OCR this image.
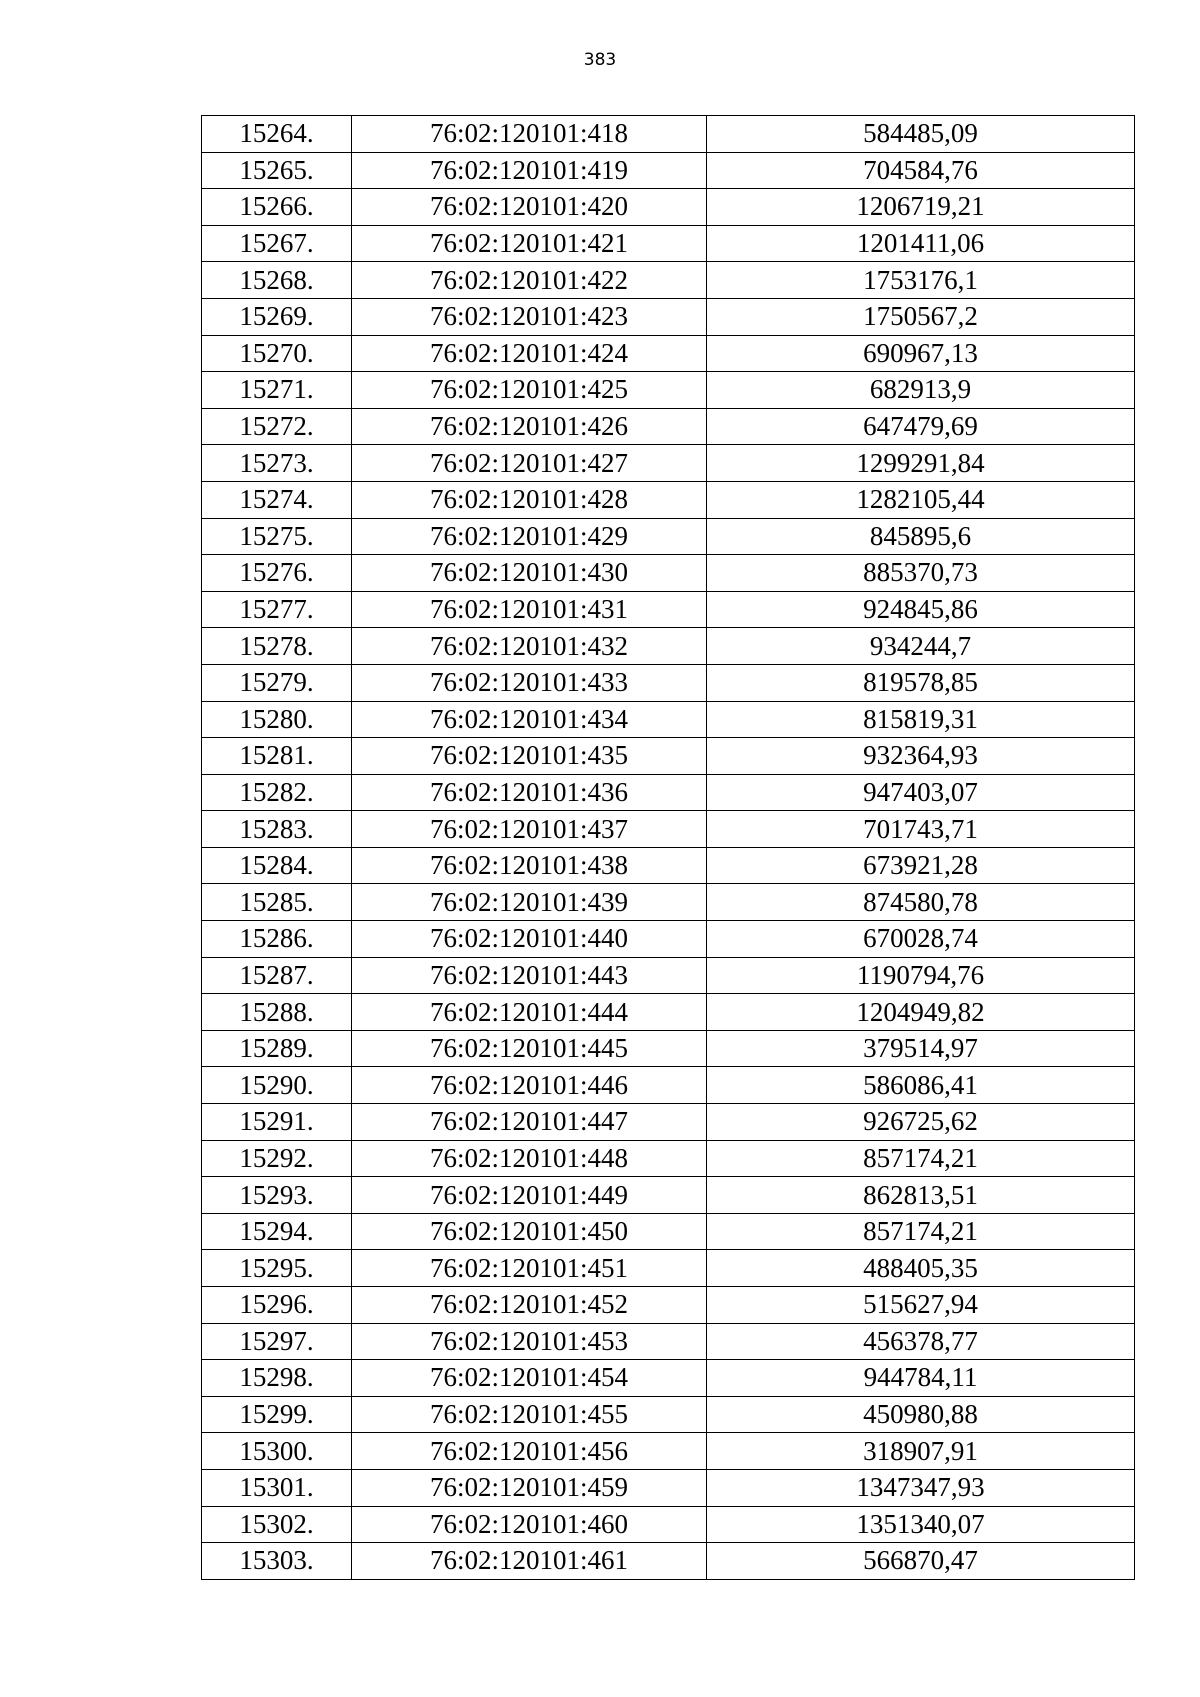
383
15264.	76:02:120101:418	584485,09
15265.	76:02:120101:419	704584,76
15266.	76:02:120101:420	1206719,21
15267.	76:02:120101:421	1201411,06
15268.	76:02:120101:422	1753176,1
15269.	76:02:120101:423	1750567,2
15270.	76:02:120101:424	690967,13
15271.	76:02:120101:425	682913,9
15272.	76:02:120101:426	647479,69
15273.	76:02:120101:427	1299291,84
15274.	76:02:120101:428	1282105,44
15275.	76:02:120101:429	845895,6
15276.	76:02:120101:430	885370,73
15277.	76:02:120101:431	924845,86
15278.	76:02:120101:432	934244,7
15279.	76:02:120101:433	819578,85
15280.	76:02:120101:434	815819,31
15281.	76:02:120101:435	932364,93
15282.	76:02:120101:436	947403,07
15283.	76:02:120101:437	701743,71
15284.	76:02:120101:438	673921,28
15285.	76:02:120101:439	874580,78
15286.	76:02:120101:440	670028,74
15287.	76:02:120101:443	1190794,76
15288.	76:02:120101:444	1204949,82
15289.	76:02:120101:445	379514,97
15290.	76:02:120101:446	586086,41
15291.	76:02:120101:447	926725,62
15292.	76:02:120101:448	857174,21
15293.	76:02:120101:449	862813,51
15294.	76:02:120101:450	857174,21
15295.	76:02:120101:451	488405,35
15296.	76:02:120101:452	515627,94
15297.	76:02:120101:453	456378,77
15298.	76:02:120101:454	944784,11
15299.	76:02:120101:455	450980,88
15300.	76:02:120101:456	318907,91
15301.	76:02:120101:459	1347347,93
15302.	76:02:120101:460	1351340,07
15303.	76:02:120101:461	566870,47
